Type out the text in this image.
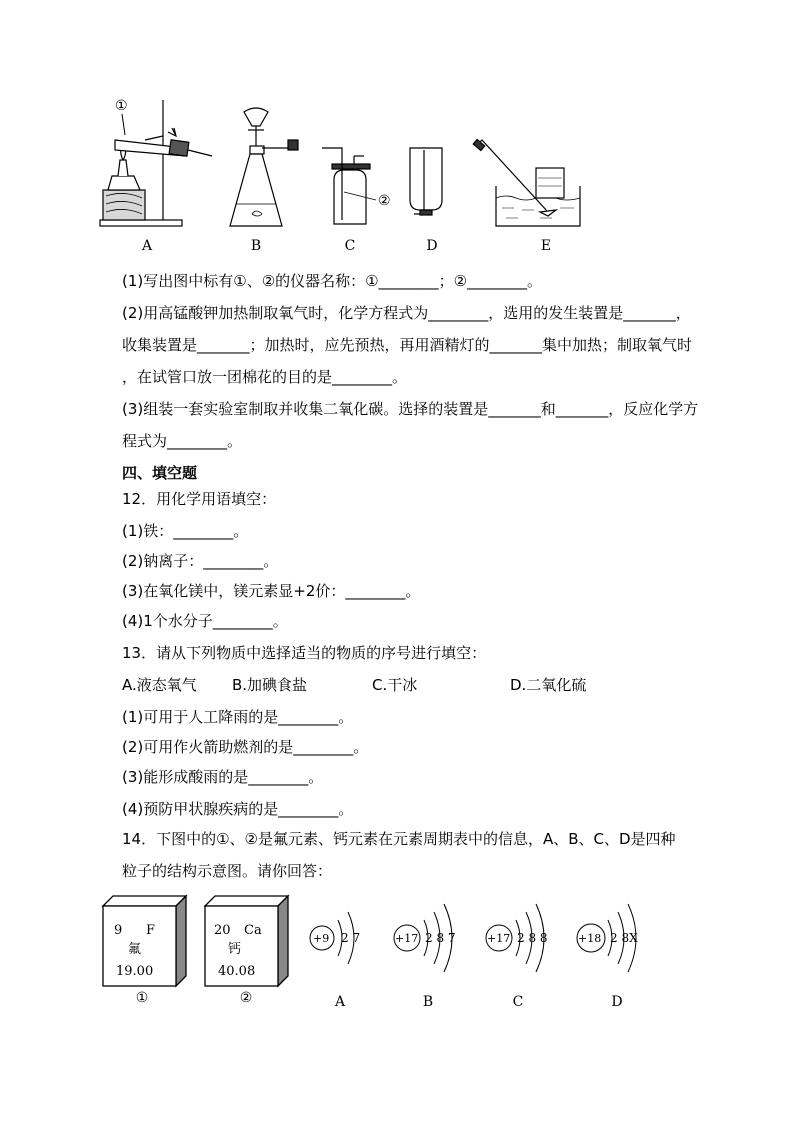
①
②
A	B	C	D	E
(1)写出图中标有①、②的仪器名称：①________；②________。
(2)用高锰酸钾加热制取氧气时，化学方程式为________，选用的发生装置是_______，
收集装置是_______；加热时，应先预热，再用酒精灯的_______集中加热；制取氧气时
，在试管口放一团棉花的目的是________。
(3)组装一套实验室制取并收集二氧化碳。选择的装置是_______和_______，反应化学方
程式为________。
四、填空题
12．用化学用语填空：
(1)铁：________。
(2)钠离子：________。
(3)在氧化镁中，镁元素显+2价：________。
(4)1个水分子________。
13．请从下列物质中选择适当的物质的序号进行填空：
A.液态氧气 B.加碘食盐	C.干冰	D.二氧化硫
(1)可用于人工降雨的是________。
(2)可用作火箭助燃剂的是________。
(3)能形成酸雨的是________。
(4)预防甲状腺疾病的是________。
14．下图中的①、②是氟元素、钙元素在元素周期表中的信息，A、B、C、D是四种
粒子的结构示意图。请你回答：
9 F
氟
19.00
20 Ca
钙
40.08
①	②
+9 2 7	+17 2 8 7	+17 2 8 8	+18 2 8X
A	B	C	D
